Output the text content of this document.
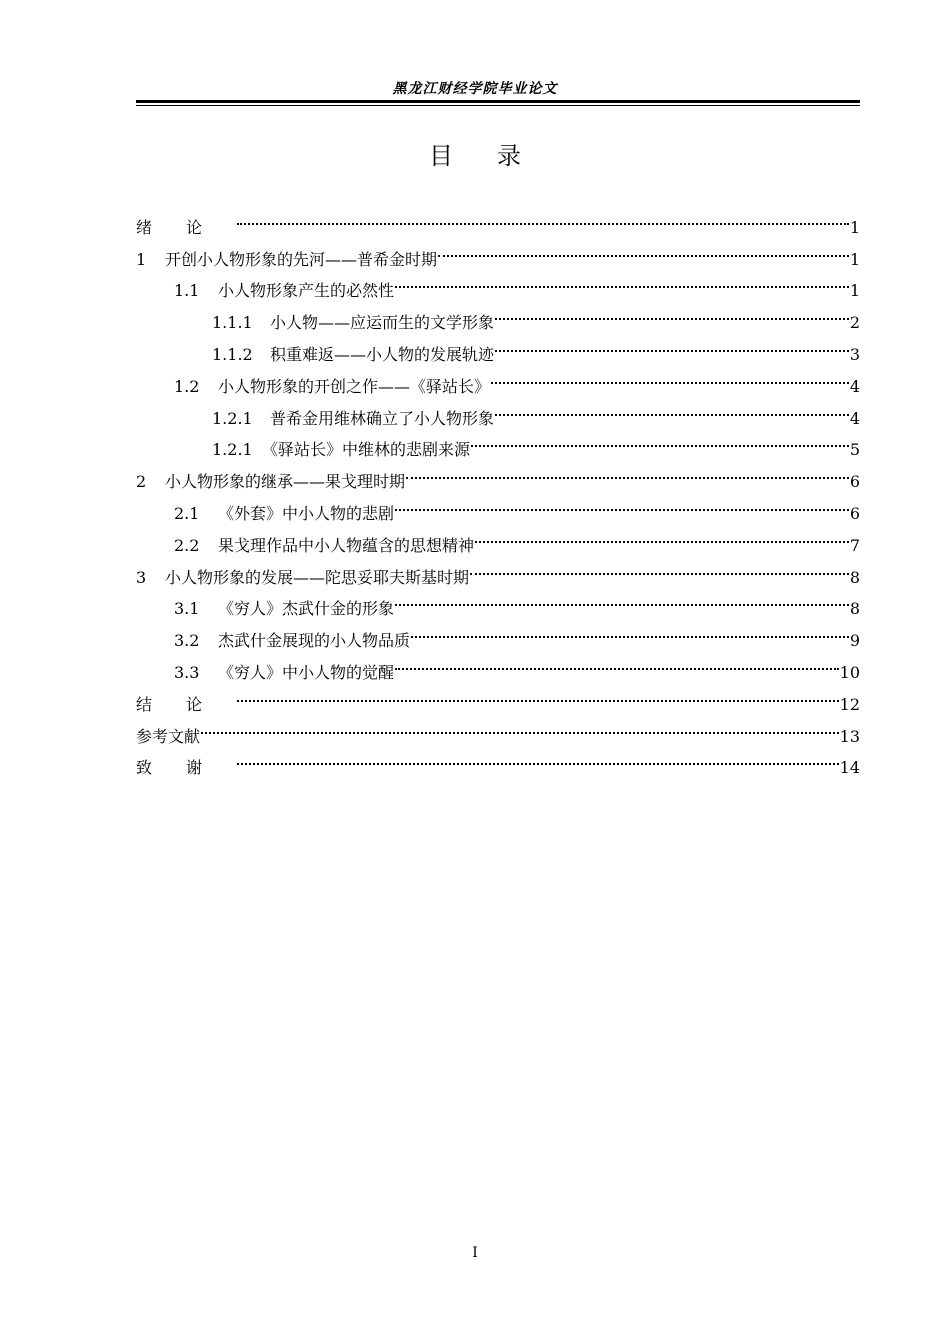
黑龙江财经学院毕业论文
目录
绪论	1
1	开创小人物形象的先河——普希金时期	1
1.1	小人物形象产生的必然性	1
1.1.1	小人物——应运而生的文学形象	2
1.1.2	积重难返——小人物的发展轨迹	3
1.2	小人物形象的开创之作——《驿站长》	4
1.2.1	普希金用维林确立了小人物形象	4
1.2.1 《驿站长》中维林的悲剧来源	5
2	小人物形象的继承——果戈理时期	6
2.1	《外套》中小人物的悲剧	6
2.2	果戈理作品中小人物蕴含的思想精神	7
3	小人物形象的发展——陀思妥耶夫斯基时期	8
3.1	《穷人》杰武什金的形象	8
3.2	杰武什金展现的小人物品质	9
3.3	《穷人》中小人物的觉醒	10
结论	12
参考文献	13
致谢	14
I
